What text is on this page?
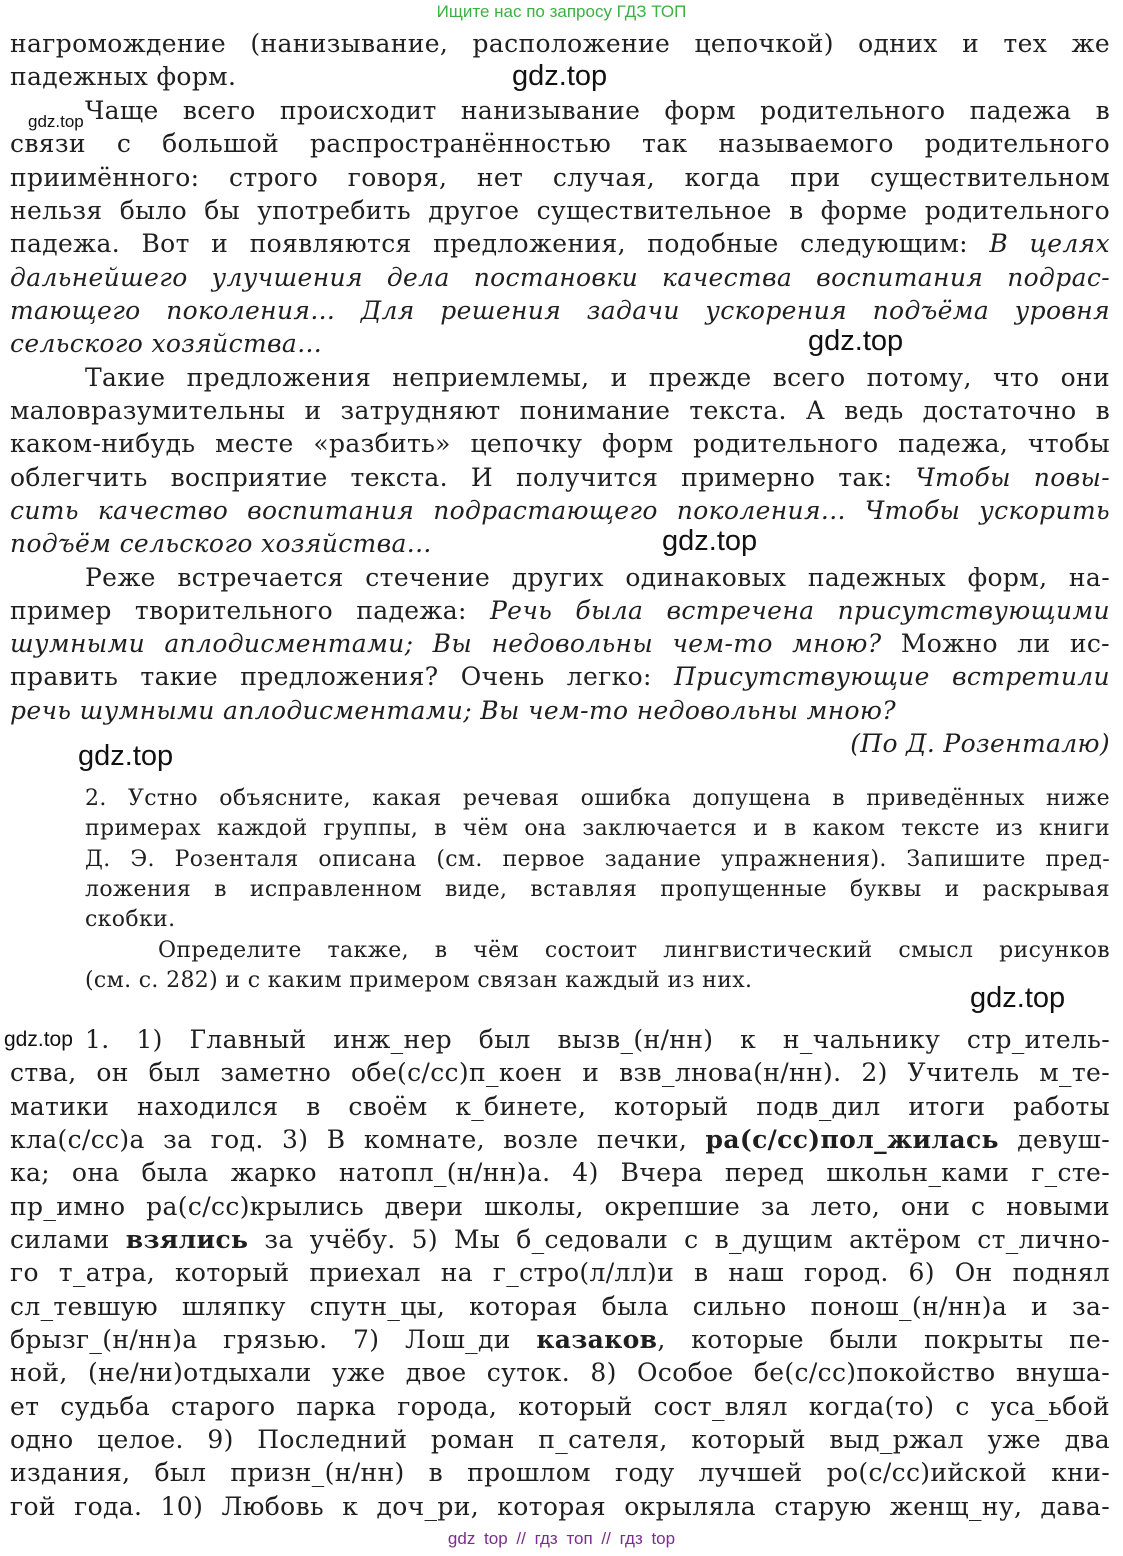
Ищите нас по запросу ГДЗ ТОП
нагромождение (нанизывание, расположение цепочкой) одних и тех же
падежных форм.
Чаще всего происходит нанизывание форм родительного падежа в
связи с большой распространённостью так называемого родительного
приимённого: строго говоря, нет случая, когда при существительном
нельзя было бы употребить другое существительное в форме родительного
падежа. Вот и появляются предложения, подобные следующим: В целях
дальнейшего улучшения дела постановки качества воспитания подрас-
тающего поколения... Для решения задачи ускорения подъёма уровня
сельского хозяйства...
Такие предложения неприемлемы, и прежде всего потому, что они
маловразумительны и затрудняют понимание текста. А ведь достаточно в
каком-нибудь месте «разбить» цепочку форм родительного падежа, чтобы
облегчить восприятие текста. И получится примерно так: Чтобы повы-
сить качество воспитания подрастающего поколения... Чтобы ускорить
подъём сельского хозяйства...
Реже встречается стечение других одинаковых падежных форм, на-
пример творительного падежа: Речь была встречена присутствующими
шумными аплодисментами; Вы недовольны чем-то мною? Можно ли ис-
править такие предложения? Очень легко: Присутствующие встретили
речь шумными аплодисментами; Вы чем-то недовольны мною?
(По Д. Розенталю)
2. Устно объясните, какая речевая ошибка допущена в приведённых ниже
примерах каждой группы, в чём она заключается и в каком тексте из книги
Д. Э. Розенталя описана (см. первое задание упражнения). Запишите пред-
ложения в исправленном виде, вставляя пропущенные буквы и раскрывая
скобки.
Определите также, в чём состоит лингвистический смысл рисунков
(см. с. 282) и с каким примером связан каждый из них.
1. 1) Главный инж_нер был вызв_(н/нн) к н_чальнику стр_итель-
ства, он был заметно обе(с/сс)п_коен и взв_лнова(н/нн). 2) Учитель м_те-
матики находился в своём к_бинете, который подв_дил итоги работы
кла(с/сс)а за год. 3) В комнате, возле печки, ра(с/сс)пол_жилась девуш-
ка; она была жарко натопл_(н/нн)а. 4) Вчера перед школьн_ками г_сте-
пр_имно ра(с/сс)крылись двери школы, окрепшие за лето, они с новыми
силами взялись за учёбу. 5) Мы б_седовали с в_дущим актёром ст_лично-
го т_атра, который приехал на г_стро(л/лл)и в наш город. 6) Он поднял
сл_тевшую шляпку спутн_цы, которая была сильно понош_(н/нн)а и за-
брызг_(н/нн)а грязью. 7) Лош_ди казаков, которые были покрыты пе-
ной, (не/ни)отдыхали уже двое суток. 8) Особое бе(с/сс)покойство внуша-
ет судьба старого парка города, который сост_влял когда(то) с уса_ьбой
одно целое. 9) Последний роман п_сателя, который выд_ржал уже два
издания, был призн_(н/нн) в прошлом году лучшей ро(с/сс)ийской кни-
гой года. 10) Любовь к доч_ри, которая окрыляла старую женщ_ну, дава-
gdz.top
gdz.top
gdz.top
gdz.top
gdz.top
gdz.top
gdz.top
gdz top // гдз топ // гдз top
